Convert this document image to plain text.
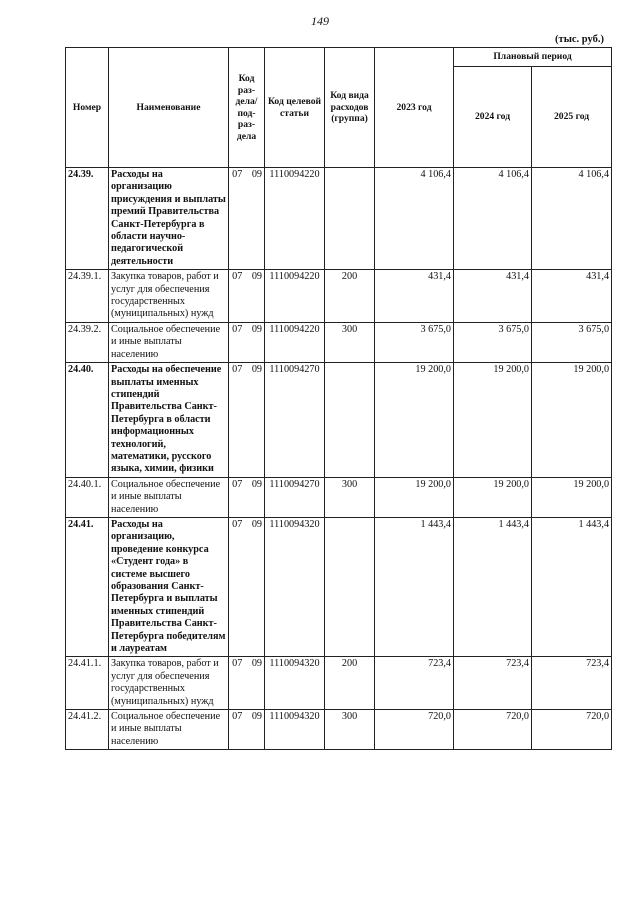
149
(тыс. руб.)
Номер	Наименование	Код раз-дела/ под-раз-дела		Код целевой статьи	Код вида расходов (группа)	2023 год	Плановый период	
							2024 год	2025 год
24.39.	Расходы на организацию присуждения и выплаты премий Правительства Санкт-Петербурга в области научно-педагогической деятельности	07	09	1110094220		4 106,4	4 106,4	4 106,4
24.39.1.	Закупка товаров, работ и услуг для обеспечения государственных (муниципальных) нужд	07	09	1110094220	200	431,4	431,4	431,4
24.39.2.	Социальное обеспечение и иные выплаты населению	07	09	1110094220	300	3 675,0	3 675,0	3 675,0
24.40.	Расходы на обеспечение выплаты именных стипендий Правительства Санкт-Петербурга в области информационных технологий, математики, русского языка, химии, физики	07	09	1110094270		19 200,0	19 200,0	19 200,0
24.40.1.	Социальное обеспечение и иные выплаты населению	07	09	1110094270	300	19 200,0	19 200,0	19 200,0
24.41.	Расходы на организацию, проведение конкурса «Студент года» в системе высшего образования Санкт-Петербурга и выплаты именных стипендий Правительства Санкт-Петербурга победителям и лауреатам	07	09	1110094320		1 443,4	1 443,4	1 443,4
24.41.1.	Закупка товаров, работ и услуг для обеспечения государственных (муниципальных) нужд	07	09	1110094320	200	723,4	723,4	723,4
24.41.2.	Социальное обеспечение и иные выплаты населению	07	09	1110094320	300	720,0	720,0	720,0
